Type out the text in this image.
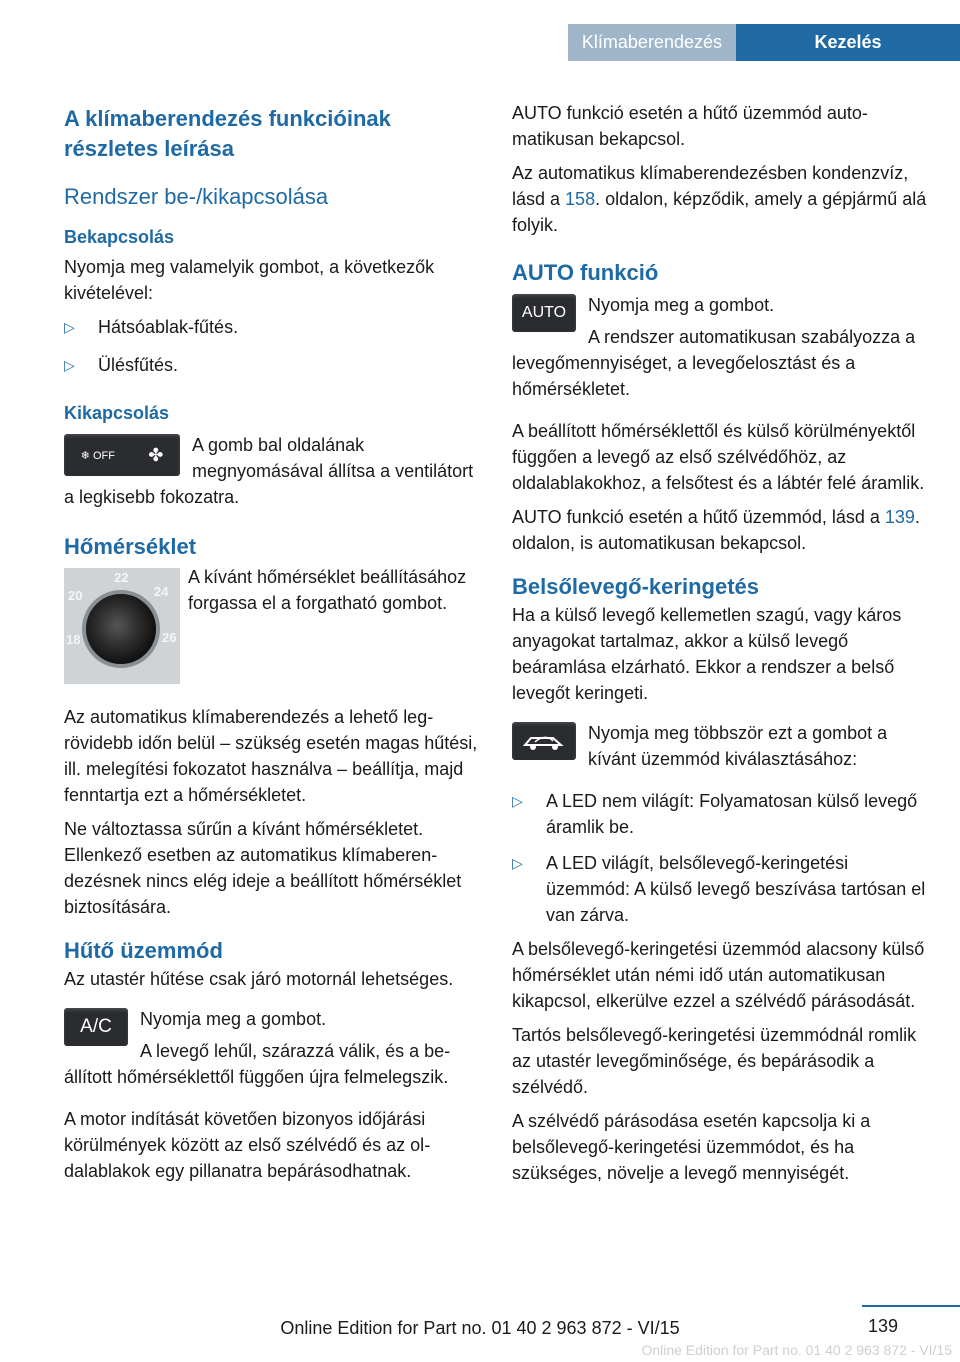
Klímaberendezés	Kezelés
A klímaberendezés funkcióinak részletes leírása
Rendszer be-/kikapcsolása
Bekapcsolás

Nyomja meg valamelyik gombot, a következők kivételével:

▷ Hátsóablak-fűtés.
▷ Ülésfűtés.
Kikapcsolás
❄ OFF ✤	A gomb bal oldalának megnyomásával állítsa a ventilátort a legkisebb fokozatra.

Hőmérséklet
22
24
20
18	26

A kívánt hőmérséklet beállításához forgassa el a forgatható gombot.

Az automatikus klímaberendezés a lehető legrövidebb időn belül – szükség esetén magas hűtési, ill. melegítési fokozatot használva – beállítja, majd fenntartja ezt a hőmérsékletet.

Ne változtassa sűrűn a kívánt hőmérsékletet. Ellenkező esetben az automatikus klímaberendezésnek nincs elég ideje a beállított hőmérséklet biztosítására.

Hűtő üzemmód

Az utastér hűtése csak járó motornál lehetséges.

A/C	Nyomja meg a gombot.

A levegő lehűl, szárazzá válik, és a beállított hőmérséklettől függően újra felmelegszik.

A motor indítását követően bizonyos időjárási körülmények között az első szélvédő és az oldalablakok egy pillanatra bepárásodhatnak.

AUTO funkció esetén a hűtő üzemmód automatikusan bekapcsol.

Az automatikus klímaberendezésben kondenzvíz, lásd a 158. oldalon, képződik, amely a gépjármű alá folyik.

AUTO funkció
AUTO	Nyomja meg a gombot.

A rendszer automatikusan szabályozza a levegőmennyiséget, a levegőelosztást és a hőmérsékletet.

A beállított hőmérséklettől és külső körülményektől függően a levegő az első szélvédőhöz, az oldalablakokhoz, a felsőtest és a lábtér felé áramlik.

AUTO funkció esetén a hűtő üzemmód, lásd a 139. oldalon, is automatikusan bekapcsol.

Belsőlevegő-keringetés

Ha a külső levegő kellemetlen szagú, vagy káros anyagokat tartalmaz, akkor a külső levegő beáramlása elzárható. Ekkor a rendszer a belső levegőt keringeti.

Nyomja meg többször ezt a gombot a kívánt üzemmód kiválasztásához:

▷ A LED nem világít: Folyamatosan külső levegő áramlik be.
▷ A LED világít, belsőlevegő-keringetési üzemmód: A külső levegő beszívása tartósan el van zárva.

A belsőlevegő-keringetési üzemmód alacsony külső hőmérséklet után némi idő után automatikusan kikapcsol, elkerülve ezzel a szélvédő párásodását.

Tartós belsőlevegő-keringetési üzemmódnál romlik az utastér levegőminősége, és bepárásodik a szélvédő.

A szélvédő párásodása esetén kapcsolja ki a belsőlevegő-keringetési üzemmódot, és ha szükséges, növelje a levegő mennyiségét.

139
Online Edition for Part no. 01 40 2 963 872 - VI/15
Online Edition for Part no. 01 40 2 963 872 - VI/15
